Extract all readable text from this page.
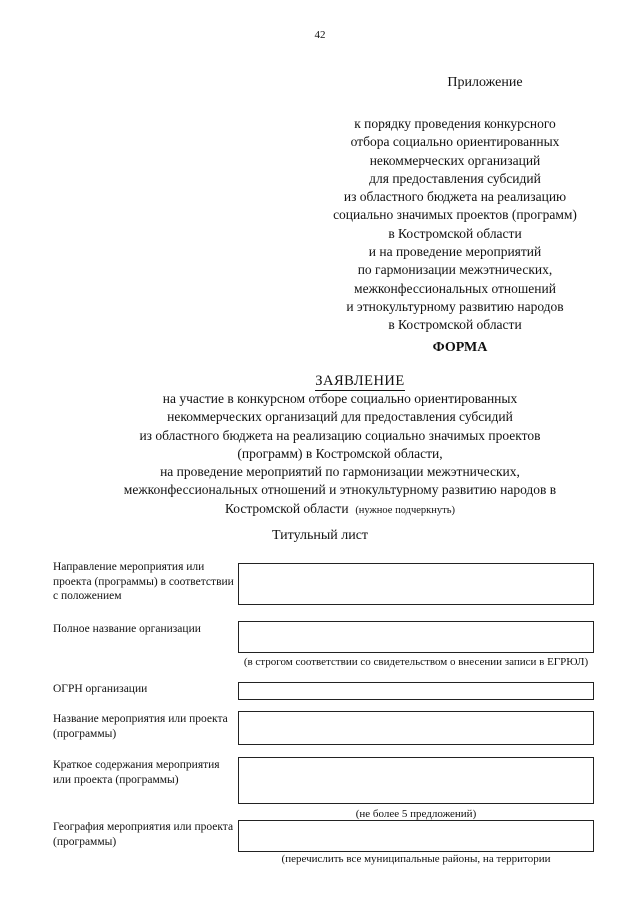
42
Приложение
к порядку проведения конкурсного
отбора социально ориентированных
некоммерческих организаций
для предоставления субсидий
из областного бюджета на реализацию
социально значимых проектов (программ)
в Костромской области
и на проведение мероприятий
по гармонизации межэтнических,
межконфессиональных отношений
и этнокультурному развитию народов
в Костромской области
ФОРМА
ЗАЯВЛЕНИЕ
на участие в конкурсном отборе социально ориентированных
некоммерческих организаций для предоставления субсидий
из областного бюджета на реализацию социально значимых проектов
(программ) в Костромской области,
на проведение мероприятий по гармонизации межэтнических,
межконфессиональных отношений и этнокультурному развитию народов в
Костромской области (нужное подчеркнуть)
Титульный лист
Направление мероприятия или проекта (программы) в соответствии с положением
Полное название организации
(в строгом соответствии со свидетельством о внесении записи в ЕГРЮЛ)
ОГРН организации
Название мероприятия или проекта (программы)
Краткое содержания мероприятия или проекта (программы)
(не более 5 предложений)
География мероприятия или проекта (программы)
(перечислить все муниципальные районы, на территории
